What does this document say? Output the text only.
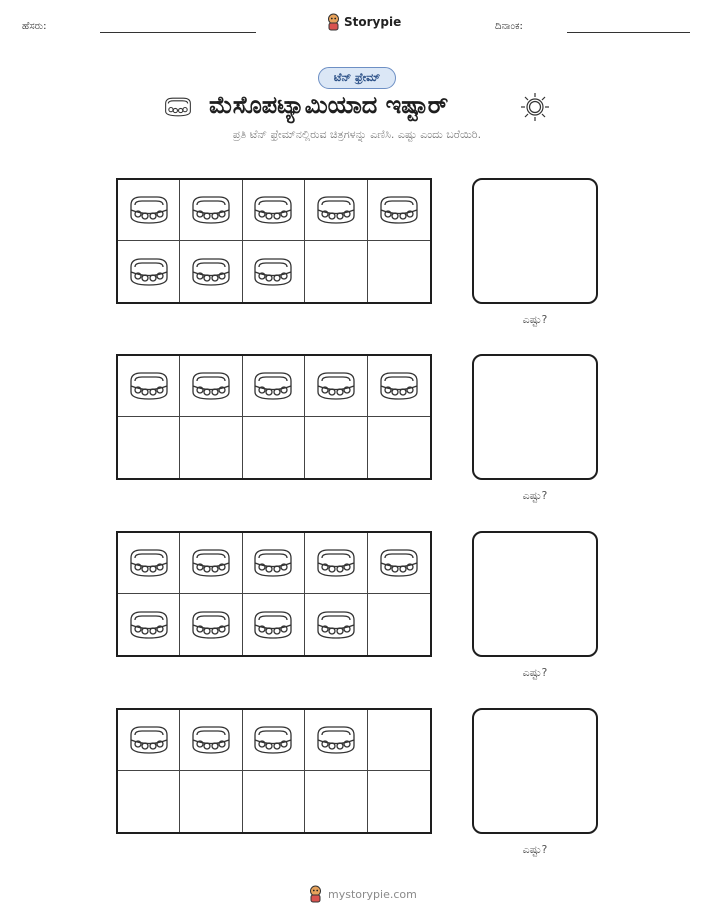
ಹೆಸರು:	Storypie	ದಿನಾಂಕ:
ಟೆನ್ ಫ್ರೇಮ್
ಮೆಸೊಪಟ್ಯಾಮಿಯಾದ ಇಷ್ಟಾರ್
ಪ್ರತಿ ಟೆನ್ ಫ್ರೇಮ್‌ನಲ್ಲಿರುವ ಚಿತ್ರಗಳನ್ನು ಎಣಿಸಿ. ಎಷ್ಟು ಎಂದು ಬರೆಯಿರಿ.
ಎಷ್ಟು?
ಎಷ್ಟು?
ಎಷ್ಟು?
ಎಷ್ಟು?
mystorypie.com
